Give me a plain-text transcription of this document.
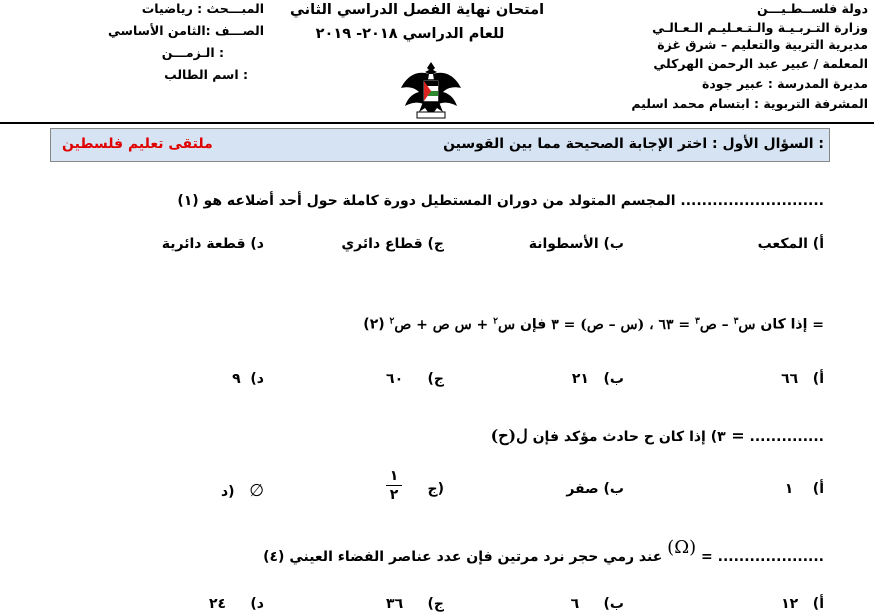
دولة فلســطـيـــن
وزارة التـربـيـة والـتـعـليـم الـعـالـي
مديرية التربية والتعليم – شرق غزة
المعلمة / عبير عبد الرحمن الهركلي
مديرة المدرسة : عبير جودة
المشرفة التربوية : ابتسام محمد اسليم
امتحان نهاية الفصل الدراسي الثاني
للعام الدراسي ٢٠١٨- ٢٠١٩
المبـــحث : رياضيات
الصـــف :الثامن الأساسي
الـزمـــن :
اسم الطالب :
السؤال الأول : اختر الإجابة الصحيحة مما بين القوسين :
ملتقى تعليم فلسطين
(١) المجسم المتولد من دوران المستطيل دورة كاملة حول أحد أضلاعه هو ...........................
أ) المكعب
ب) الأسطوانة
ج) قطاع دائري
د) قطعة دائرية
(٢) إذا كان س$^٣$ – ص$^٣$ = ٦٣ ، (س – ص) = ٣ فإن س$^٢$ + س ص + ص$^٢$	=
أ)   ٦٦
ب)   ٢١
ج)     ٦٠
د)  ٩
٣) إذا كان ح حادث مؤكد فإن ل(ح) = ..............
أ)    ١
ب) صفر
ج)
١
٢
د) ∅
(٤) عند رمي حجر نرد مرتين فإن عدد عناصر الفضاء العيني (Ω) = ....................
أ)   ١٢
ب)     ٦
ج)     ٣٦
د)     ٢٤
